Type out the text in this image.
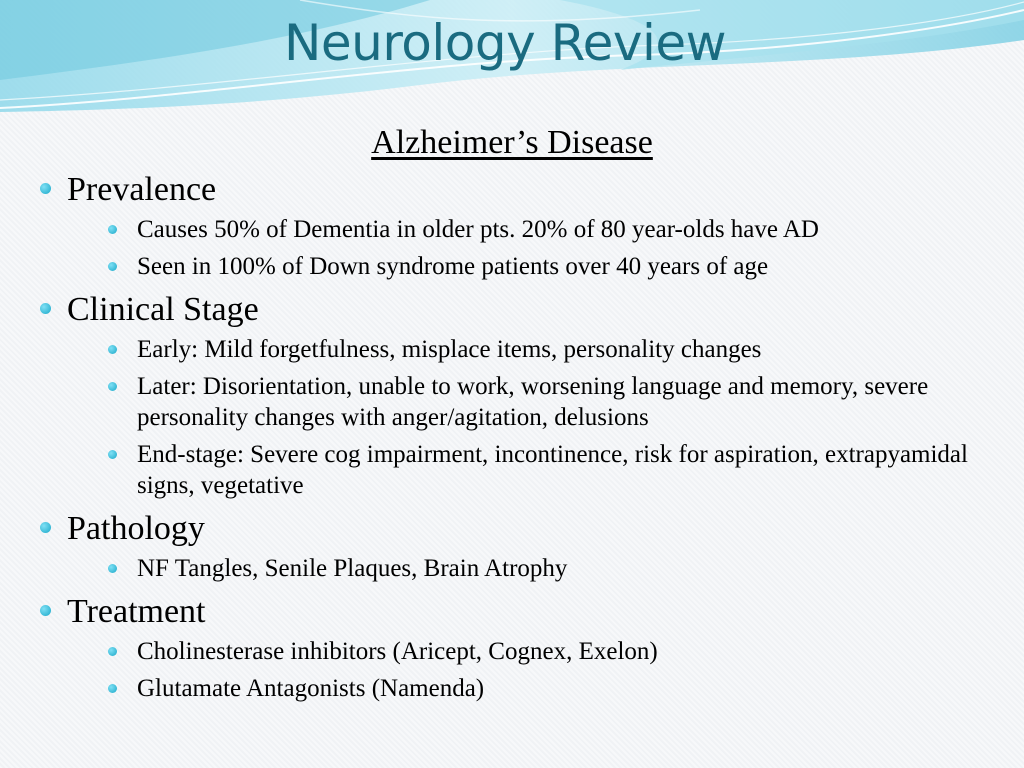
Neurology Review
Alzheimer’s Disease
Prevalence
Causes 50% of Dementia in older pts. 20% of 80 year-olds have AD
Seen in 100% of Down syndrome patients over 40 years of age
Clinical Stage
Early: Mild forgetfulness, misplace items, personality changes
Later: Disorientation, unable to work, worsening language and memory, severe personality changes with anger/agitation, delusions
End-stage: Severe cog impairment, incontinence, risk for aspiration, extrapyamidal signs, vegetative
Pathology
NF Tangles, Senile Plaques, Brain Atrophy
Treatment
Cholinesterase inhibitors (Aricept, Cognex, Exelon)
Glutamate Antagonists (Namenda)
